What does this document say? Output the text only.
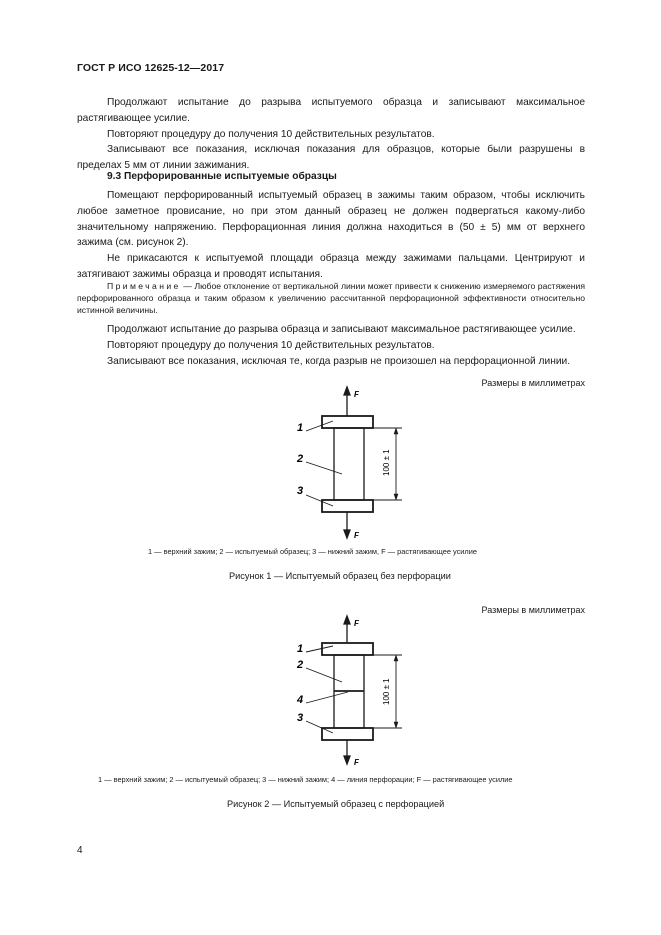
ГОСТ Р ИСО 12625-12—2017

Продолжают испытание до разрыва испытуемого образца и записывают максимальное растягивающее усилие.

Повторяют процедуру до получения 10 действительных результатов.

Записывают все показания, исключая показания для образцов, которые были разрушены в пределах 5 мм от линии зажимания.

9.3 Перфорированные испытуемые образцы

Помещают перфорированный испытуемый образец в зажимы таким образом, чтобы исключить любое заметное провисание, но при этом данный образец не должен подвергаться какому-либо значительному напряжению. Перфорационная линия должна находиться в (50 ± 5) мм от верхнего зажима (см. рисунок 2).

Не прикасаются к испытуемой площади образца между зажимами пальцами. Центрируют и затягивают зажимы образца и проводят испытания.

Примечание — Любое отклонение от вертикальной линии может привести к снижению измеряемого растяжения перфорированного образца и таким образом к увеличению рассчитанной перфорационной эффективности относительно истинной величины.

Продолжают испытание до разрыва образца и записывают максимальное растягивающее усилие.

Повторяют процедуру до получения 10 действительных результатов.

Записывают все показания, исключая те, когда разрыв не произошел на перфорационной линии.

Размеры в миллиметрах
F
F
1
2
3
100 ± 1
1 — верхний зажим; 2 — испытуемый образец; 3 — нижний зажим, F — растягивающее усилие
Рисунок 1 — Испытуемый образец без перфорации
Размеры в миллиметрах
F
F
1
2
4
3
100 ± 1
1 — верхний зажим; 2 — испытуемый образец; 3 — нижний зажим; 4 — линия перфорации; F — растягивающее усилие
Рисунок 2 — Испытуемый образец с перфорацией
4
